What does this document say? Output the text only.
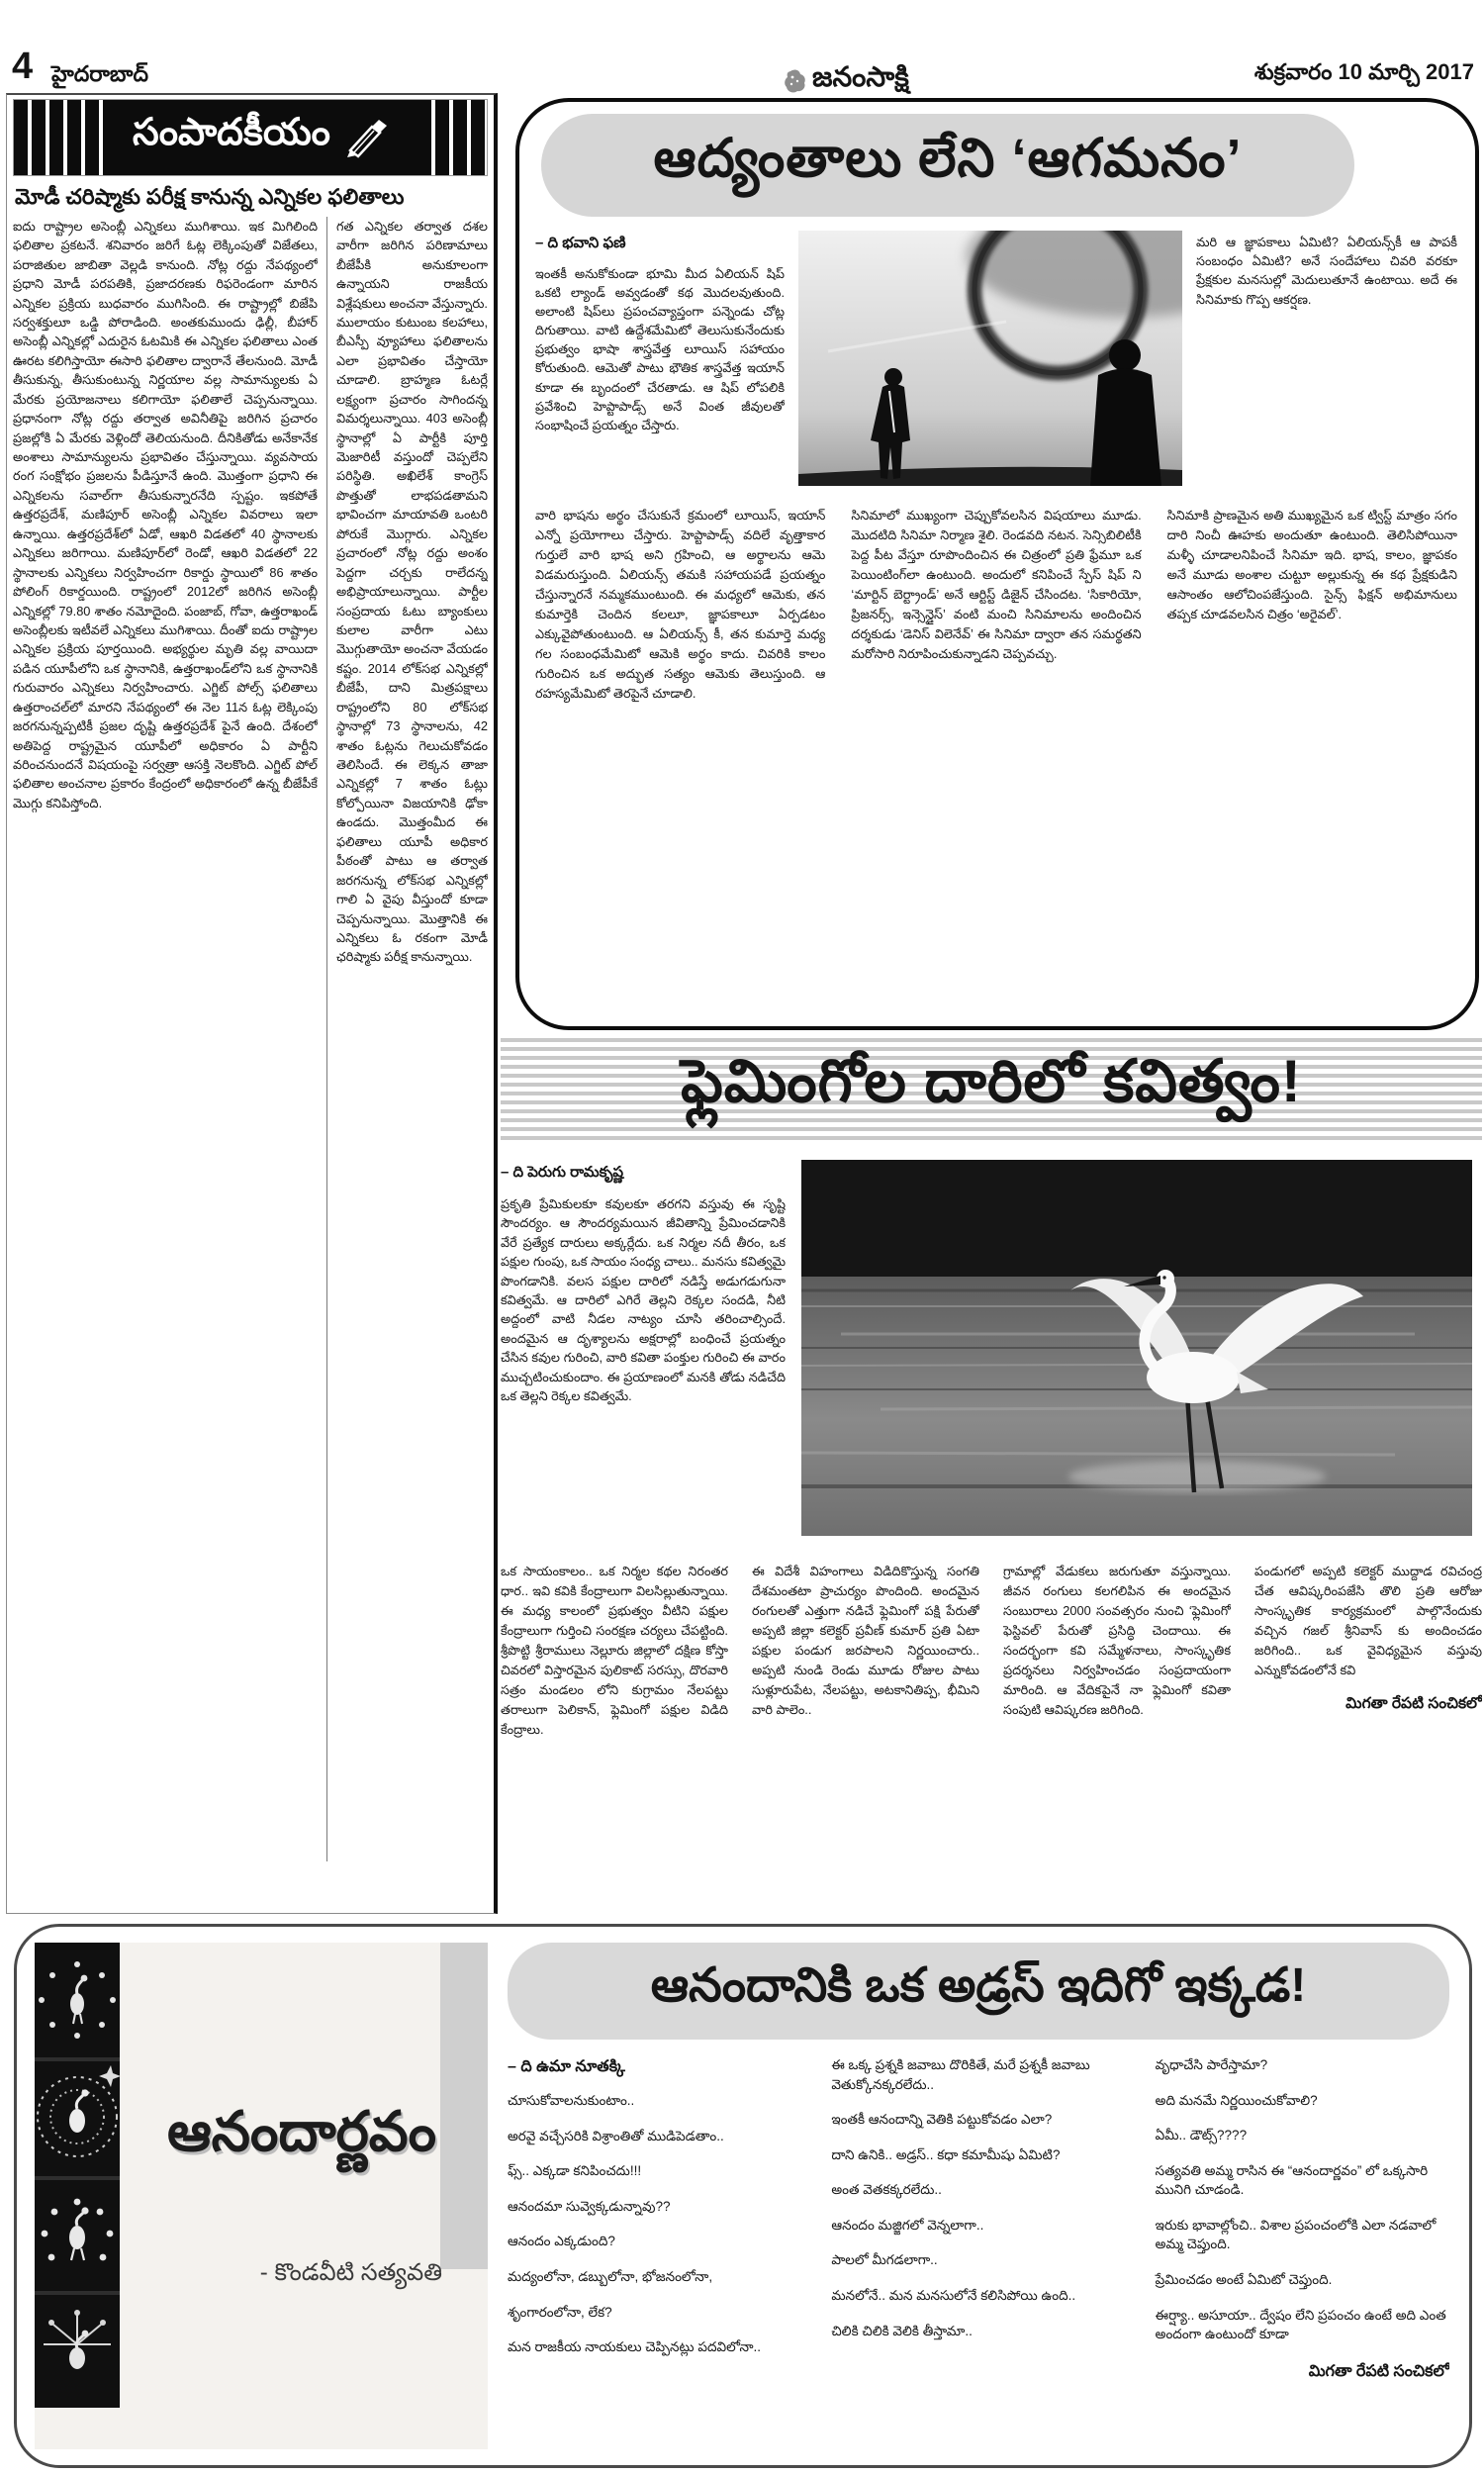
4 హైదరాబాద్	జనంసాక్షి	శుక్రవారం 10 మార్చి 2017
సంపాదకీయం
మోడీ చరిష్మాకు పరీక్ష కానున్న ఎన్నికల ఫలితాలు
ఐదు రాష్ట్రాల అసెంబ్లీ ఎన్నికలు ముగిశాయి. ఇక మిగిలింది ఫలితాల ప్రకటనే. శనివారం జరిగే ఓట్ల లెక్కింపుతో విజేతలు, పరాజితుల జాబితా వెల్లడి కానుంది. నోట్ల రద్దు నేపథ్యంలో ప్రధాని మోడీ పరపతికి, ప్రజాదరణకు రిఫరెండంగా మారిన ఎన్నికల ప్రక్రియ బుధవారం ముగిసింది. ఈ రాష్ట్రాల్లో బిజేపి సర్వశక్తులూ ఒడ్డి పోరాడింది. అంతకుముందు ఢిల్లీ, బీహార్ అసెంబ్లీ ఎన్నికల్లో ఎదురైన ఓటమికి ఈ ఎన్నికల ఫలితాలు ఎంత ఊరట కలిగిస్తాయో ఈసారి ఫలితాల ద్వారానే తేలనుంది. మోడీ తీసుకున్న, తీసుకుంటున్న నిర్ణయాల వల్ల సామాన్యులకు ఏ మేరకు ప్రయోజనాలు కలిగాయో ఫలితాలే చెప్పనున్నాయి. ప్రధానంగా నోట్ల రద్దు తర్వాత అవినీతిపై జరిగిన ప్రచారం ప్రజల్లోకి ఏ మేరకు వెళ్లిందో తెలియనుంది. దీనికితోడు అనేకానేక అంశాలు సామాన్యులను ప్రభావితం చేస్తున్నాయి. వ్యవసాయ రంగ సంక్షోభం ప్రజలను పీడిస్తూనే ఉంది. మొత్తంగా ప్రధాని ఈ ఎన్నికలను సవాల్‌గా తీసుకున్నారనేది స్పష్టం. ఇకపోతే ఉత్తరప్రదేశ్, మణిపూర్ అసెంబ్లీ ఎన్నికల వివరాలు ఇలా ఉన్నాయి. ఉత్తరప్రదేశ్‌లో ఏడో, ఆఖరి విడతలో 40 స్థానాలకు ఎన్నికలు జరిగాయి. మణిపూర్‌లో రెండో, ఆఖరి విడతలో 22 స్థానాలకు ఎన్నికలు నిర్వహించగా రికార్డు స్థాయిలో 86 శాతం పోలింగ్ రికార్డయింది. రాష్ట్రంలో 2012లో జరిగిన అసెంబ్లీ ఎన్నికల్లో 79.80 శాతం నమోదైంది. పంజాబ్, గోవా, ఉత్తరాఖండ్ అసెంబ్లీలకు ఇటీవలే ఎన్నికలు ముగిశాయి. దీంతో ఐదు రాష్ట్రాల ఎన్నికల ప్రక్రియ పూర్తయింది. అభ్యర్థుల మృతి వల్ల వాయిదా పడిన యూపీలోని ఒక స్థానానికి, ఉత్తరాఖండ్‌లోని ఒక స్థానానికి గురువారం ఎన్నికలు నిర్వహించారు. ఎగ్జిట్ పోల్స్ ఫలితాలు ఉత్తరాంచల్‌లో మారని నేపథ్యంలో ఈ నెల 11న ఓట్ల లెక్కింపు జరగనున్నప్పటికీ ప్రజల దృష్టి ఉత్తరప్రదేశ్ పైనే ఉంది. దేశంలో అతిపెద్ద రాష్ట్రమైన యూపీలో అధికారం ఏ పార్టీని వరించనుందనే విషయంపై సర్వత్రా ఆసక్తి నెలకొంది. ఎగ్జిట్ పోల్ ఫలితాల అంచనాల ప్రకారం కేంద్రంలో అధికారంలో ఉన్న బీజేపీకే మొగ్గు కనిపిస్తోంది.
గత ఎన్నికల తర్వాత దశల వారీగా జరిగిన పరిణామాలు బీజేపీకి అనుకూలంగా ఉన్నాయని రాజకీయ విశ్లేషకులు అంచనా వేస్తున్నారు. ములాయం కుటుంబ కలహాలు, బీఎస్పీ వ్యూహాలు ఫలితాలను ఎలా ప్రభావితం చేస్తాయో చూడాలి. బ్రాహ్మణ ఓటర్లే లక్ష్యంగా ప్రచారం సాగిందన్న విమర్శలున్నాయి. 403 అసెంబ్లీ స్థానాల్లో ఏ పార్టీకి పూర్తి మెజారిటీ వస్తుందో చెప్పలేని పరిస్థితి. అఖిలేశ్ కాంగ్రెస్ పొత్తుతో లాభపడతామని భావించగా మాయావతి ఒంటరి పోరుకే మొగ్గారు. ఎన్నికల ప్రచారంలో నోట్ల రద్దు అంశం పెద్దగా చర్చకు రాలేదన్న అభిప్రాయాలున్నాయి. పార్టీల సంప్రదాయ ఓటు బ్యాంకులు కులాల వారీగా ఎటు మొగ్గుతాయో అంచనా వేయడం కష్టం. 2014 లోక్‌సభ ఎన్నికల్లో బీజేపీ, దాని మిత్రపక్షాలు రాష్ట్రంలోని 80 లోక్‌సభ స్థానాల్లో 73 స్థానాలను, 42 శాతం ఓట్లను గెలుచుకోవడం తెలిసిందే. ఈ లెక్కన తాజా ఎన్నికల్లో 7 శాతం ఓట్లు కోల్పోయినా విజయానికి ఢోకా ఉండదు. మొత్తంమీద ఈ ఫలితాలు యూపీ అధికార పీఠంతో పాటు ఆ తర్వాత జరగనున్న లోక్‌సభ ఎన్నికల్లో గాలి ఏ వైపు వీస్తుందో కూడా చెప్పనున్నాయి. మొత్తానికి ఈ ఎన్నికలు ఓ రకంగా మోడీ ఛరిష్మాకు పరీక్ష కానున్నాయి.
ఆద్యంతాలు లేని ‘ఆగమనం’
– ది భవాని ఫణి
ఇంతకీ అనుకోకుండా భూమి మీద ఏలియన్ షిప్ ఒకటి ల్యాండ్ అవ్వడంతో కథ మొదలవుతుంది. అలాంటి షిప్‌లు ప్రపంచవ్యాప్తంగా పన్నెండు చోట్ల దిగుతాయి. వాటి ఉద్దేశమేమిటో తెలుసుకునేందుకు ప్రభుత్వం భాషా శాస్త్రవేత్త లూయిస్ సహాయం కోరుతుంది. ఆమెతో పాటు భౌతిక శాస్త్రవేత్త ఇయాన్ కూడా ఈ బృందంలో చేరతాడు. ఆ షిప్ లోపలికి ప్రవేశించి హెప్టాపాడ్స్ అనే వింత జీవులతో సంభాషించే ప్రయత్నం చేస్తారు.
మరి ఆ జ్ఞాపకాలు ఏమిటి? ఏలియన్స్‌కీ ఆ పాపకీ సంబంధం ఏమిటి? అనే సందేహాలు చివరి వరకూ ప్రేక్షకుల మనసుల్లో మెదులుతూనే ఉంటాయి. అదే ఈ సినిమాకు గొప్ప ఆకర్షణ.
వారి భాషను అర్థం చేసుకునే క్రమంలో లూయిస్, ఇయాన్ ఎన్నో ప్రయోగాలు చేస్తారు. హెప్టాపాడ్స్ వదిలే వృత్తాకార గుర్తులే వారి భాష అని గ్రహించి, ఆ అర్థాలను ఆమె విడమరుస్తుంది. ఏలియన్స్ తమకి సహాయపడే ప్రయత్నం చేస్తున్నారనే నమ్మకముంటుంది. ఈ మధ్యలో ఆమెకు, తన కుమార్తెకి చెందిన కలలూ, జ్ఞాపకాలూ ఏర్పడటం ఎక్కువైపోతుంటుంది. ఆ ఏలియన్స్ కీ, తన కుమార్తె మధ్య గల సంబంధమేమిటో ఆమెకి అర్థం కాదు. చివరికి కాలం గురించిన ఒక అద్భుత సత్యం ఆమెకు తెలుస్తుంది. ఆ రహస్యమేమిటో తెరపైనే చూడాలి.
సినిమాలో ముఖ్యంగా చెప్పుకోవలసిన విషయాలు మూడు. మొదటిది సినిమా నిర్మాణ శైలి. రెండవది నటన. సెన్సిబిలిటీకి పెద్ద పీట వేస్తూ రూపొందించిన ఈ చిత్రంలో ప్రతి ఫ్రేమూ ఒక పెయింటింగ్‌లా ఉంటుంది. అందులో కనిపించే స్పేస్ షిప్ ని ‘మార్టిన్ బెర్ట్రాండ్’ అనే ఆర్టిస్ట్ డిజైన్ చేసిందట. ‘సికారియో, ప్రిజనర్స్, ఇన్సెన్డైస్’ వంటి మంచి సినిమాలను అందించిన దర్శకుడు ‘డెనిస్ విలెనేవ్’ ఈ సినిమా ద్వారా తన సమర్థతని మరోసారి నిరూపించుకున్నాడని చెప్పవచ్చు.
సినిమాకి ప్రాణమైన అతి ముఖ్యమైన ఒక ట్విస్ట్ మాత్రం సగం దారి నించీ ఊహకు అందుతూ ఉంటుంది. తెలిసిపోయినా మళ్ళీ చూడాలనిపించే సినిమా ఇది. భాష, కాలం, జ్ఞాపకం అనే మూడు అంశాల చుట్టూ అల్లుకున్న ఈ కథ ప్రేక్షకుడిని ఆసాంతం ఆలోచింపజేస్తుంది. సైన్స్ ఫిక్షన్ అభిమానులు తప్పక చూడవలసిన చిత్రం ‘అరైవల్’.
ఫ్లెమింగోల దారిలో కవిత్వం!
– ది పెరుగు రామకృష్ణ
ప్రకృతి ప్రేమికులకూ కవులకూ తరగని వస్తువు ఈ సృష్టి సౌందర్యం. ఆ సౌందర్యమయిన జీవితాన్ని ప్రేమించడానికి వేరే ప్రత్యేక దారులు అక్కర్లేదు. ఒక నిర్మల నదీ తీరం, ఒక పక్షుల గుంపు, ఒక సాయం సంధ్య చాలు.. మనసు కవిత్వమై పొంగడానికి. వలస పక్షుల దారిలో నడిస్తే అడుగడుగునా కవిత్వమే. ఆ దారిలో ఎగిరే తెల్లని రెక్కల సందడి, నీటి అద్దంలో వాటి నీడల నాట్యం చూసి తరించాల్సిందే. అందమైన ఆ దృశ్యాలను అక్షరాల్లో బంధించే ప్రయత్నం చేసిన కవుల గురించి, వారి కవితా పంక్తుల గురించి ఈ వారం ముచ్చటించుకుందాం. ఈ ప్రయాణంలో మనకి తోడు నడిచేది ఒక తెల్లని రెక్కల కవిత్వమే.
ఒక సాయంకాలం.. ఒక నిర్మల కథల నిరంతర ధార.. ఇవి కవికి కేంద్రాలుగా విలసిల్లుతున్నాయి. ఈ మధ్య కాలంలో ప్రభుత్వం వీటిని పక్షుల కేంద్రాలుగా గుర్తించి సంరక్షణ చర్యలు చేపట్టింది. శ్రీపొట్టి శ్రీరాములు నెల్లూరు జిల్లాలో దక్షిణ కోస్తా చివరలో విస్తారమైన పులికాట్ సరస్సు, దొరవారి సత్రం మండలం లోని కుగ్రామం నేలపట్టు తరాలుగా పెలికాన్, ఫ్లెమింగో పక్షుల విడిది కేంద్రాలు.
ఈ విదేశీ విహంగాలు విడిదికొస్తున్న సంగతి దేశమంతటా ప్రాచుర్యం పొందింది. అందమైన రంగులతో ఎత్తుగా నడిచే ఫ్లెమింగో పక్షి పేరుతో అప్పటి జిల్లా కలెక్టర్ ప్రవీణ్ కుమార్ ప్రతి ఏటా పక్షుల పండుగ జరపాలని నిర్ణయించారు.. అప్పటి నుండి రెండు మూడు రోజుల పాటు సుళ్లూరుపేట, నేలపట్టు, అటకానితిప్ప, భీమిని వారి పాలెం..
గ్రామాల్లో వేడుకలు జరుగుతూ వస్తున్నాయి. జీవన రంగులు కలగలిపిన ఈ అందమైన సంబురాలు 2000 సంవత్సరం నుంచి ‘ఫ్లెమింగో ఫెస్టివల్’ పేరుతో ప్రసిద్ధి చెందాయి. ఈ సందర్భంగా కవి సమ్మేళనాలు, సాంస్కృతిక ప్రదర్శనలు నిర్వహించడం సంప్రదాయంగా మారింది. ఆ వేదికపైనే నా ఫ్లెమింగో కవితా సంపుటి ఆవిష్కరణ జరిగింది.
పండుగలో అప్పటి కలెక్టర్ ముద్దాడ రవిచంద్ర చేత ఆవిష్కరింపజేసి తొలి ప్రతి ఆరోజు సాంస్కృతిక కార్యక్రమంలో పాల్గొనేందుకు వచ్చిన గజల్ శ్రీనివాస్ కు అందించడం జరిగింది.. ఒక వైవిధ్యమైన వస్తువు ఎన్నుకోవడంలోనే కవి
మిగతా రేపటి సంచికలో
ఆనందార్ణవం
- కొండవీటి సత్యవతి
ఆనందానికి ఒక అడ్రస్ ఇదిగో ఇక్కడ!
– ది ఉమా నూతక్కి

చూసుకోవాలనుకుంటాం..

అరవై వచ్చేసరికి విశ్రాంతితో ముడిపెడతాం..

ఫ్స్.. ఎక్కడా కనిపించదు!!!

ఆనందమా సువ్వెక్కడున్నావు??

ఆనందం ఎక్కడుంది?

మద్యంలోనా, డబ్బులోనా, భోజనంలోనా,

శృంగారంలోనా, లేక?

మన రాజకీయ నాయకులు చెప్పినట్లు పదవిలోనా..

ఈ ఒక్క ప్రశ్నకి జవాబు దొరికితే, మరే ప్రశ్నకీ జవాబు వెతుక్కోనక్కరలేదు..

ఇంతకీ ఆనందాన్ని వెతికి పట్టుకోవడం ఎలా?

దాని ఉనికి.. అడ్రస్.. కధా కమామీషు ఏమిటి?

అంత వెతకక్కరలేదు..

ఆనందం మజ్జిగలో వెన్నలాగా..

పాలలో మీగడలాగా..

మనలోనే.. మన మనసులోనే కలిసిపోయి ఉంది..

చిలికి చిలికి వెలికి తీస్తామా..

వృధాచేసి పారేస్తామా?

అది మనమే నిర్ణయించుకోవాలి?

ఏమీ.. డౌట్స్????

సత్యవతి అమ్మ రాసిన ఈ “ఆనందార్ణవం” లో ఒక్కసారి మునిగి చూడండి.

ఇరుకు భావాల్లోంచి.. విశాల ప్రపంచంలోకి ఎలా నడవాలో అమ్మ చెప్తుంది.

ప్రేమించడం అంటే ఏమిటో చెప్తుంది.

ఈర్ష్యా.. అసూయా.. ద్వేషం లేని ప్రపంచం ఉంటే అది ఎంత అందంగా ఉంటుందో కూడా

మిగతా రేపటి సంచికలో
